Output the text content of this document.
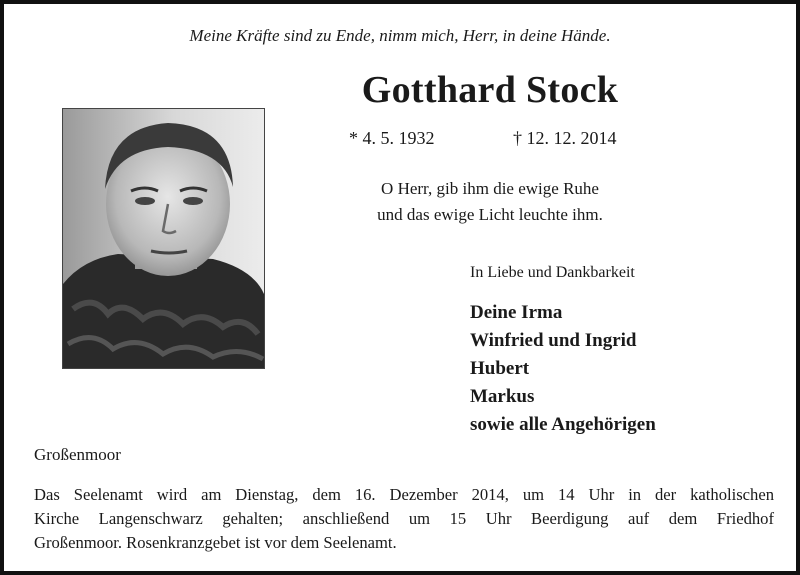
Meine Kräfte sind zu Ende, nimm mich, Herr, in deine Hände.
Gotthard Stock
* 4. 5. 1932	† 12. 12. 2014
O Herr, gib ihm die ewige Ruhe
und das ewige Licht leuchte ihm.
In Liebe und Dankbarkeit
Deine Irma
Winfried und Ingrid
Hubert
Markus
sowie alle Angehörigen
Großenmoor
Das Seelenamt wird am Dienstag, dem 16. Dezember 2014, um 14 Uhr in der katholischen
Kirche Langenschwarz gehalten; anschließend um 15 Uhr Beerdigung auf dem Friedhof
Großenmoor. Rosenkranzgebet ist vor dem Seelenamt.
